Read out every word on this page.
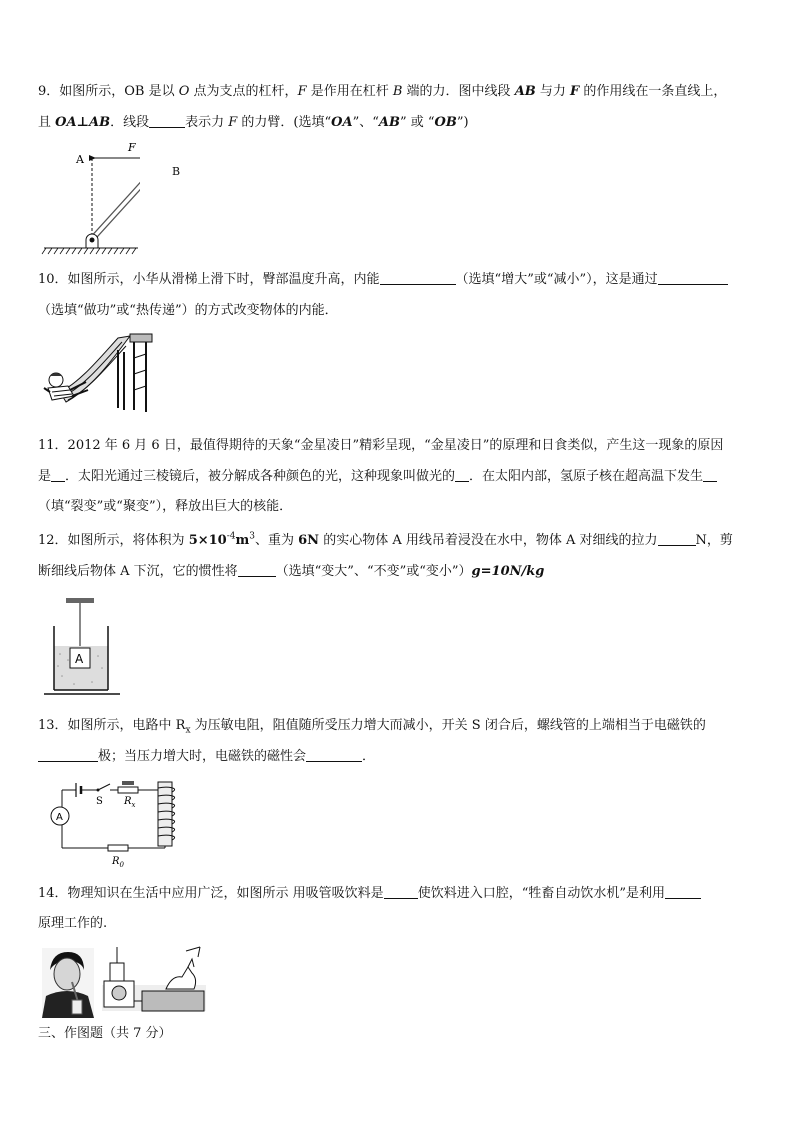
9．如图所示，OB 是以 O 点为支点的杠杆，F 是作用在杠杆 B 端的力．图中线段 AB 与力 F 的作用线在一条直线上，
且 OA⊥AB．线段	表示力 F 的力臂．(选填“OA”、“AB” 或 “OB”)
A
F
B
10．如图所示，小华从滑梯上滑下时，臀部温度升高，内能	（选填“增大”或“减小”），这是通过
（选填“做功”或“热传递”）的方式改变物体的内能．
11．2012 年 6 月 6 日，最值得期待的天象“金星凌日”精彩呈现，“金星凌日”的原理和日食类似，产生这一现象的原因
是 ．太阳光通过三棱镜后，被分解成各种颜色的光，这种现象叫做光的 ．在太阳内部，氢原子核在超高温下发生
（填“裂变”或“聚变”），释放出巨大的核能．
12．如图所示，将体积为 $5\times 10^{-4}m^3$、重为 6N 的实心物体 A 用线吊着浸没在水中，物体 A 对细线的拉力	N，剪
断细线后物体 A 下沉，它的惯性将	（选填“变大”、“不变”或“变小”）g=10N/kg
A
13．如图所示，电路中 $R_x$ 为压敏电阻，阻值随所受压力增大而减小，开关 S 闭合后，螺线管的上端相当于电磁铁的
极；当压力增大时，电磁铁的磁性会	．
A
S $R_x$
$R_0$
14．物理知识在生活中应用广泛，如图所示 用吸管吸饮料是	使饮料进入口腔，“牲畜自动饮水机”是利用
原理工作的.
三、作图题（共 7 分）
